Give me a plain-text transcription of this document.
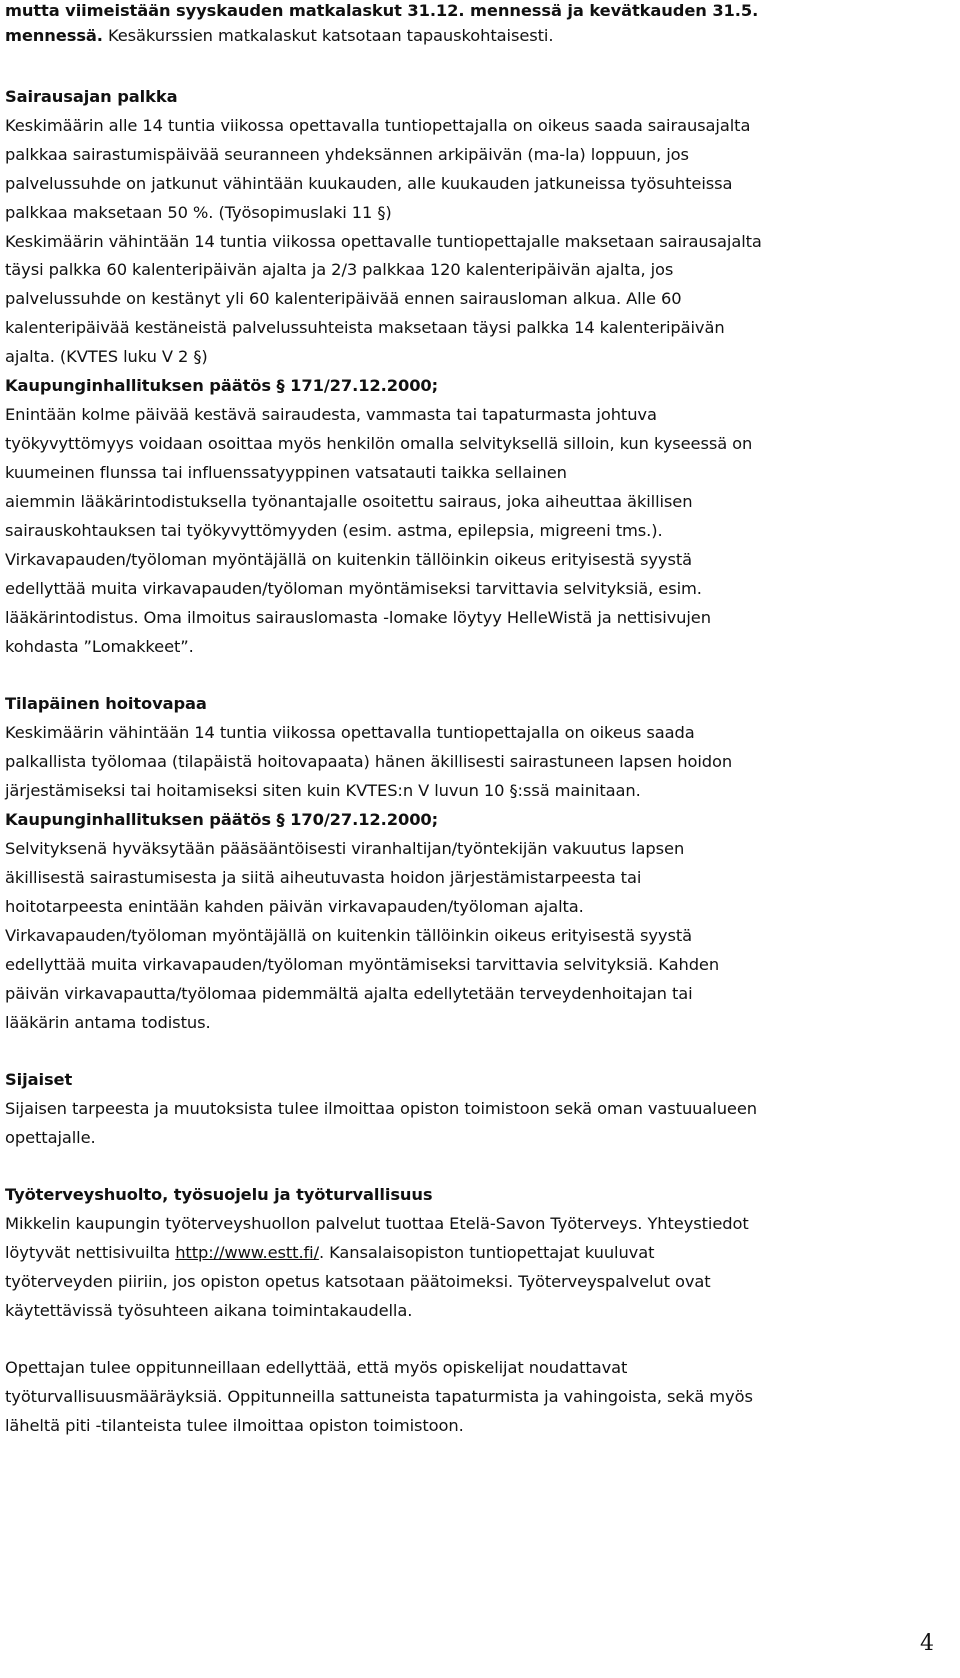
mutta viimeistään syyskauden matkalaskut 31.12. mennessä ja kevätkauden 31.5.

mennessä. Kesäkurssien matkalaskut katsotaan tapauskohtaisesti.

Sairausajan palkka

Keskimäärin alle 14 tuntia viikossa opettavalla tuntiopettajalla on oikeus saada sairausajalta

palkkaa sairastumispäivää seuranneen yhdeksännen arkipäivän (ma-la) loppuun, jos

palvelussuhde on jatkunut vähintään kuukauden, alle kuukauden jatkuneissa työsuhteissa

palkkaa maksetaan 50 %. (Työsopimuslaki 11 §)

Keskimäärin vähintään 14 tuntia viikossa opettavalle tuntiopettajalle maksetaan sairausajalta

täysi palkka 60 kalenteripäivän ajalta ja 2/3 palkkaa 120 kalenteripäivän ajalta, jos

palvelussuhde on kestänyt yli 60 kalenteripäivää ennen sairausloman alkua. Alle 60

kalenteripäivää kestäneistä palvelussuhteista maksetaan täysi palkka 14 kalenteripäivän

ajalta. (KVTES luku V 2 §)

Kaupunginhallituksen päätös § 171/27.12.2000;

Enintään kolme päivää kestävä sairaudesta, vammasta tai tapaturmasta johtuva

työkyvyttömyys voidaan osoittaa myös henkilön omalla selvityksellä silloin, kun kyseessä on

kuumeinen flunssa tai influenssatyyppinen vatsatauti taikka sellainen

aiemmin lääkärintodistuksella työnantajalle osoitettu sairaus, joka aiheuttaa äkillisen

sairauskohtauksen tai työkyvyttömyyden (esim. astma, epilepsia, migreeni tms.).

Virkavapauden/työloman myöntäjällä on kuitenkin tällöinkin oikeus erityisestä syystä

edellyttää muita virkavapauden/työloman myöntämiseksi tarvittavia selvityksiä, esim.

lääkärintodistus. Oma ilmoitus sairauslomasta -lomake löytyy HelleWistä ja nettisivujen

kohdasta ”Lomakkeet”.

Tilapäinen hoitovapaa

Keskimäärin vähintään 14 tuntia viikossa opettavalla tuntiopettajalla on oikeus saada

palkallista työlomaa (tilapäistä hoitovapaata) hänen äkillisesti sairastuneen lapsen hoidon

järjestämiseksi tai hoitamiseksi siten kuin KVTES:n V luvun 10 §:ssä mainitaan.

Kaupunginhallituksen päätös § 170/27.12.2000;

Selvityksenä hyväksytään pääsääntöisesti viranhaltijan/työntekijän vakuutus lapsen

äkillisestä sairastumisesta ja siitä aiheutuvasta hoidon järjestämistarpeesta tai

hoitotarpeesta enintään kahden päivän virkavapauden/työloman ajalta.

Virkavapauden/työloman myöntäjällä on kuitenkin tällöinkin oikeus erityisestä syystä

edellyttää muita virkavapauden/työloman myöntämiseksi tarvittavia selvityksiä. Kahden

päivän virkavapautta/työlomaa pidemmältä ajalta edellytetään terveydenhoitajan tai

lääkärin antama todistus.

Sijaiset

Sijaisen tarpeesta ja muutoksista tulee ilmoittaa opiston toimistoon sekä oman vastuualueen

opettajalle.

Työterveyshuolto, työsuojelu ja työturvallisuus

Mikkelin kaupungin työterveyshuollon palvelut tuottaa Etelä-Savon Työterveys. Yhteystiedot

löytyvät nettisivuilta http://www.estt.fi/. Kansalaisopiston tuntiopettajat kuuluvat

työterveyden piiriin, jos opiston opetus katsotaan päätoimeksi. Työterveyspalvelut ovat

käytettävissä työsuhteen aikana toimintakaudella.

Opettajan tulee oppitunneillaan edellyttää, että myös opiskelijat noudattavat

työturvallisuusmääräyksiä. Oppitunneilla sattuneista tapaturmista ja vahingoista, sekä myös

läheltä piti -tilanteista tulee ilmoittaa opiston toimistoon.

4
